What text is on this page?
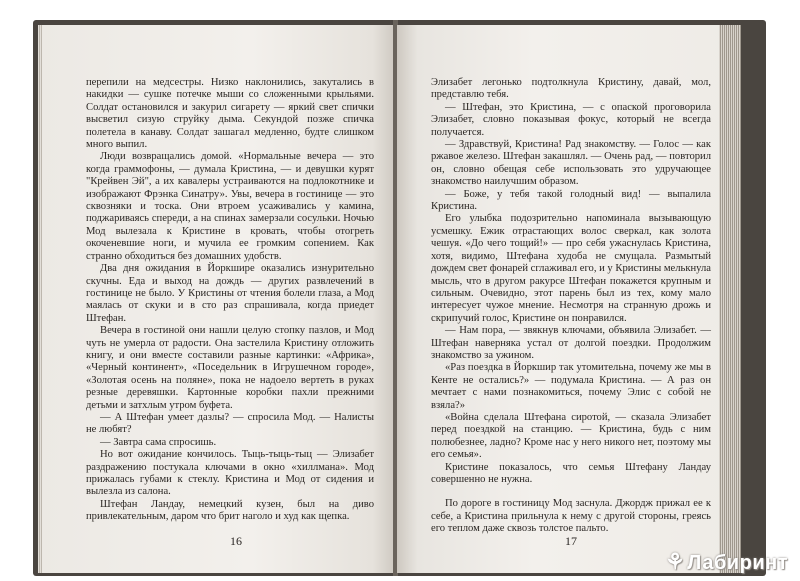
перепили на медсестры. Низко наклонились, закутались в накидки — сушке потечке мыши со сложенными крыльями. Солдат остановился и закурил сигарету — яркий свет спички высветил сизую струйку дыма. Секундой позже спичка полетела в канаву. Солдат зашагал медленно, будте слишком много выпил.

Люди возвращались домой. «Нормальные вечера — это когда граммофоны, — думала Кристина, — и девушки курят "Крейвен Эй", а их кавалеры устраиваются на подлокотнике и изображают Фрэнка Синатру». Увы, вечера в гостинице — это сквозняки и тоска. Они втроем усаживались у камина, поджариваясь спереди, а на спинах замерзали сосульки. Ночью Мод вылезала к Кристине в кровать, чтобы отогреть окоченевшие ноги, и мучила ее громким сопением. Как странно обходиться без домашних удобств.

Два дня ожидания в Йоркшире оказались изнурительно скучны. Еда и выход на дождь — других развлечений в гостинице не было. У Кристины от чтения болели глаза, а Мод маялась от скуки и в сто раз спрашивала, когда приедет Штефан.

Вечера в гостиной они нашли целую стопку пазлов, и Мод чуть не умерла от радости. Она застелила Кристину отложить книгу, и они вместе составили разные картинки: «Африка», «Черный континент», «Поседельник в Игрушечном городе», «Золотая осень на поляне», пока не надоело вертеть в руках резные деревяшки. Картонные коробки пахли прежними детьми и затхлым утром буфета.

— А Штефан умеет дазлы? — спросила Мод. — Налисты не любят?

— Завтра сама спросишь.

Но вот ожидание кончилось. Тыць-тыць-тыц — Элизабет раздражению постукала ключами в окно «хиллмана». Мод прижалась губами к стеклу. Кристина и Мод от сидения и вылезла из салона.

Штефан Ландау, немецкий кузен, был на диво привлекательным, даром что брит наголо и худ как щепка.

16

Элизабет легонько подтолкнула Кристину, давай, мол, представлю тебя.

— Штефан, это Кристина, — с опаской проговорила Элизабет, словно показывая фокус, который не всегда получается.

— Здравствуй, Кристина! Рад знакомству. — Голос — как ржавое железо. Штефан закашлял. — Очень рад, — повторил он, словно обещая себе использовать это удручающее знакомство наилучшим образом.

— Боже, у тебя такой голодный вид! — выпалила Кристина.

Его улыбка подозрительно напоминала вызывающую усмешку. Ежик отрастающих волос сверкал, как золота чешуя. «До чего тощий!» — про себя ужаснулась Кристина, хотя, видимо, Штефана худоба не смущала. Размытый дождем свет фонарей сглаживал его, и у Кристины мелькнула мысль, что в другом ракурсе Штефан покажется крупным и сильным. Очевидно, этот парень был из тех, кому мало интересует чужое мнение. Несмотря на странную дрожь и скрипучий голос, Кристине он понравился.

— Нам пора, — звякнув ключами, объявила Элизабет. — Штефан наверняка устал от долгой поездки. Продолжим знакомство за ужином.

«Раз поездка в Йоркшир так утомительна, почему же мы в Кенте не остались?» — подумала Кристина. — А раз он мечтает с нами познакомиться, почему Элис с собой не взяла?»

«Война сделала Штефана сиротой, — сказала Элизабет перед поездкой на станцию. — Кристина, будь с ним полюбезнее, ладно? Кроме нас у него никого нет, поэтому мы его семья».

Кристине показалось, что семья Штефану Ландау совершенно не нужна.

По дороге в гостиницу Мод заснула. Джордж прижал ее к себе, а Кристина прильнула к нему с другой стороны, греясь его теплом даже сквозь толстое пальто.

17
⚘ Лабиринт
